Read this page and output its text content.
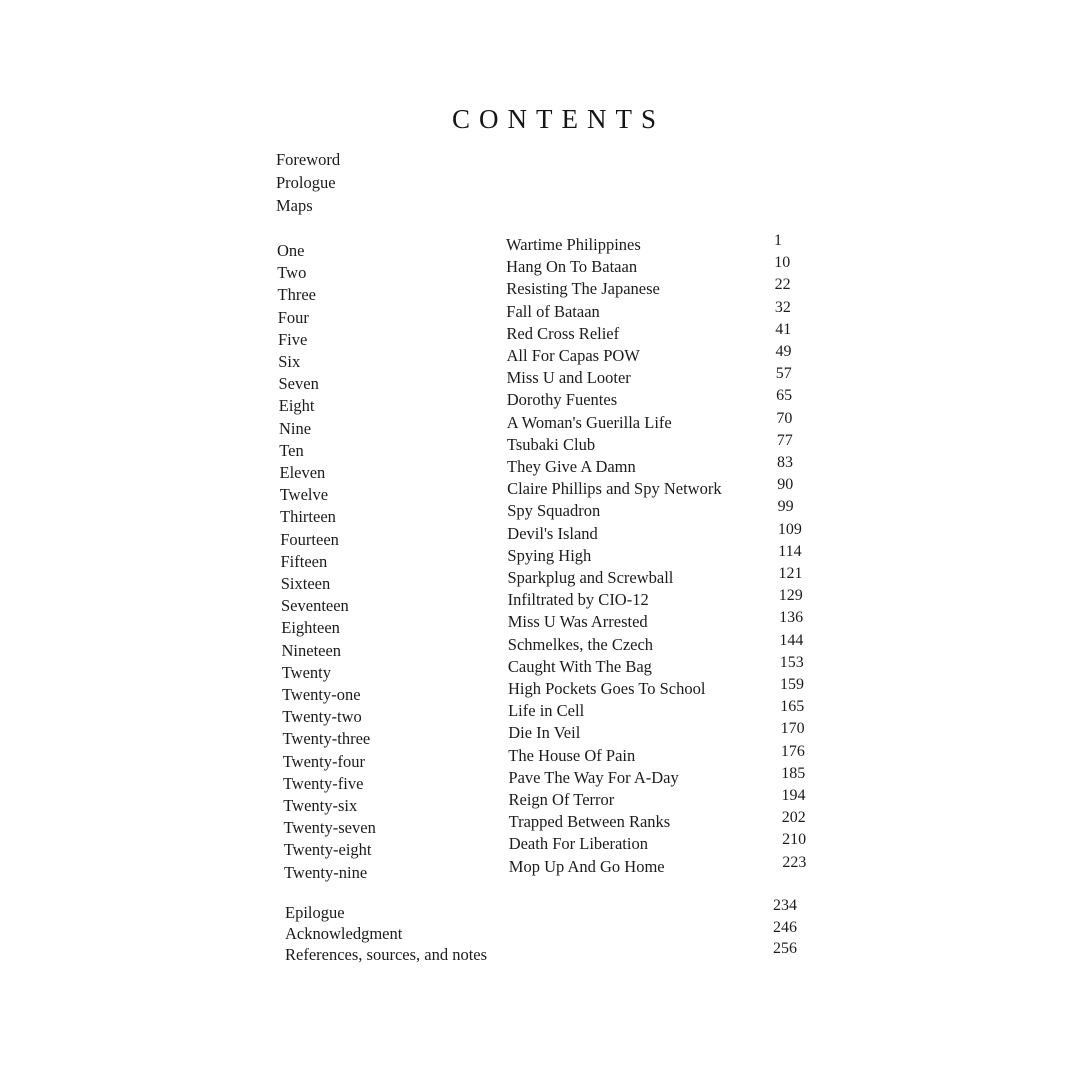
CONTENTS
Foreword
Prologue
Maps
One	Wartime Philippines	1
Two	Hang On To Bataan	10
Three	Resisting The Japanese	22
Four	Fall of Bataan	32
Five	Red Cross Relief	41
Six	All For Capas POW	49
Seven	Miss U and Looter	57
Eight	Dorothy Fuentes	65
Nine	A Woman's Guerilla Life	70
Ten	Tsubaki Club	77
Eleven	They Give A Damn	83
Twelve	Claire Phillips and Spy Network	90
Thirteen	Spy Squadron	99
Fourteen	Devil's Island	109
Fifteen	Spying High	114
Sixteen	Sparkplug and Screwball	121
Seventeen	Infiltrated by CIO-12	129
Eighteen	Miss U Was Arrested	136
Nineteen	Schmelkes, the Czech	144
Twenty	Caught With The Bag	153
Twenty-one	High Pockets Goes To School	159
Twenty-two	Life in Cell	165
Twenty-three	Die In Veil	170
Twenty-four	The House Of Pain	176
Twenty-five	Pave The Way For A-Day	185
Twenty-six	Reign Of Terror	194
Twenty-seven	Trapped Between Ranks	202
Twenty-eight	Death For Liberation	210
Twenty-nine	Mop Up And Go Home	223
Epilogue	234
Acknowledgment	246
References, sources, and notes	256
